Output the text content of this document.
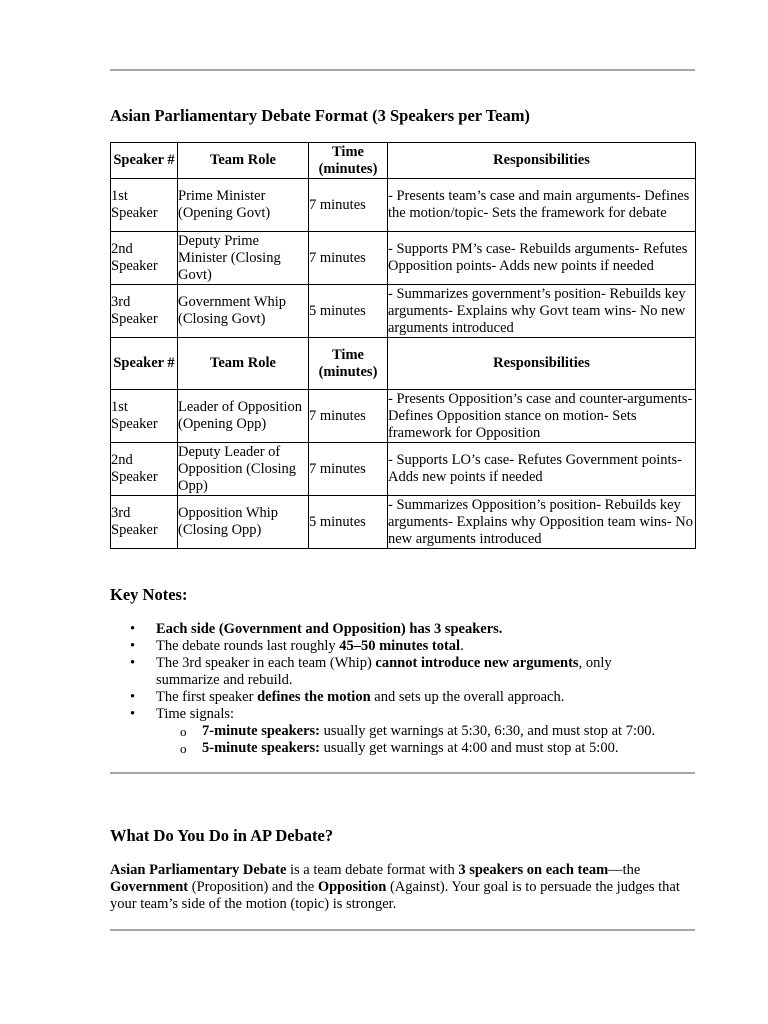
Asian Parliamentary Debate Format (3 Speakers per Team)
Speaker #	Team Role	Time (minutes)	Responsibilities
1st Speaker	Prime Minister (Opening Govt)	7 minutes	- Presents team’s case and main arguments- Defines the motion/topic- Sets the framework for debate
2nd Speaker	Deputy Prime Minister (Closing Govt)	7 minutes	- Supports PM’s case- Rebuilds arguments- Refutes Opposition points- Adds new points if needed
3rd Speaker	Government Whip (Closing Govt)	5 minutes	- Summarizes government’s position- Rebuilds key arguments- Explains why Govt team wins- No new arguments introduced
Speaker #	Team Role	Time (minutes)	Responsibilities
1st Speaker	Leader of Opposition (Opening Opp)	7 minutes	- Presents Opposition’s case and counter-arguments- Defines Opposition stance on motion- Sets framework for Opposition
2nd Speaker	Deputy Leader of Opposition (Closing Opp)	7 minutes	- Supports LO’s case- Refutes Government points- Adds new points if needed
3rd Speaker	Opposition Whip (Closing Opp)	5 minutes	- Summarizes Opposition’s position- Rebuilds key arguments- Explains why Opposition team wins- No new arguments introduced
Key Notes:
• Each side (Government and Opposition) has 3 speakers.
• The debate rounds last roughly 45–50 minutes total.
• The 3rd speaker in each team (Whip) cannot introduce new arguments, only summarize and rebuild.
• The first speaker defines the motion and sets up the overall approach.
• Time signals:
o 7-minute speakers: usually get warnings at 5:30, 6:30, and must stop at 7:00.
o 5-minute speakers: usually get warnings at 4:00 and must stop at 5:00.
What Do You Do in AP Debate?
Asian Parliamentary Debate is a team debate format with 3 speakers on each team—the Government (Proposition) and the Opposition (Against). Your goal is to persuade the judges that your team’s side of the motion (topic) is stronger.
